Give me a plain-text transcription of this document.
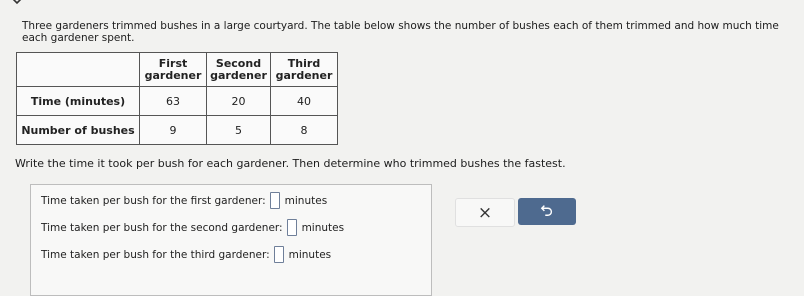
Three gardeners trimmed bushes in a large courtyard. The table below shows the number of bushes each of them trimmed and how much time each gardener spent.
	First gardener	Second gardener	Third gardener
Time (minutes)	63	20	40
Number of bushes	9	5	8
Write the time it took per bush for each gardener. Then determine who trimmed bushes the fastest.
Time taken per bush for the first gardener: minutes
Time taken per bush for the second gardener: minutes
Time taken per bush for the third gardener: minutes
×
